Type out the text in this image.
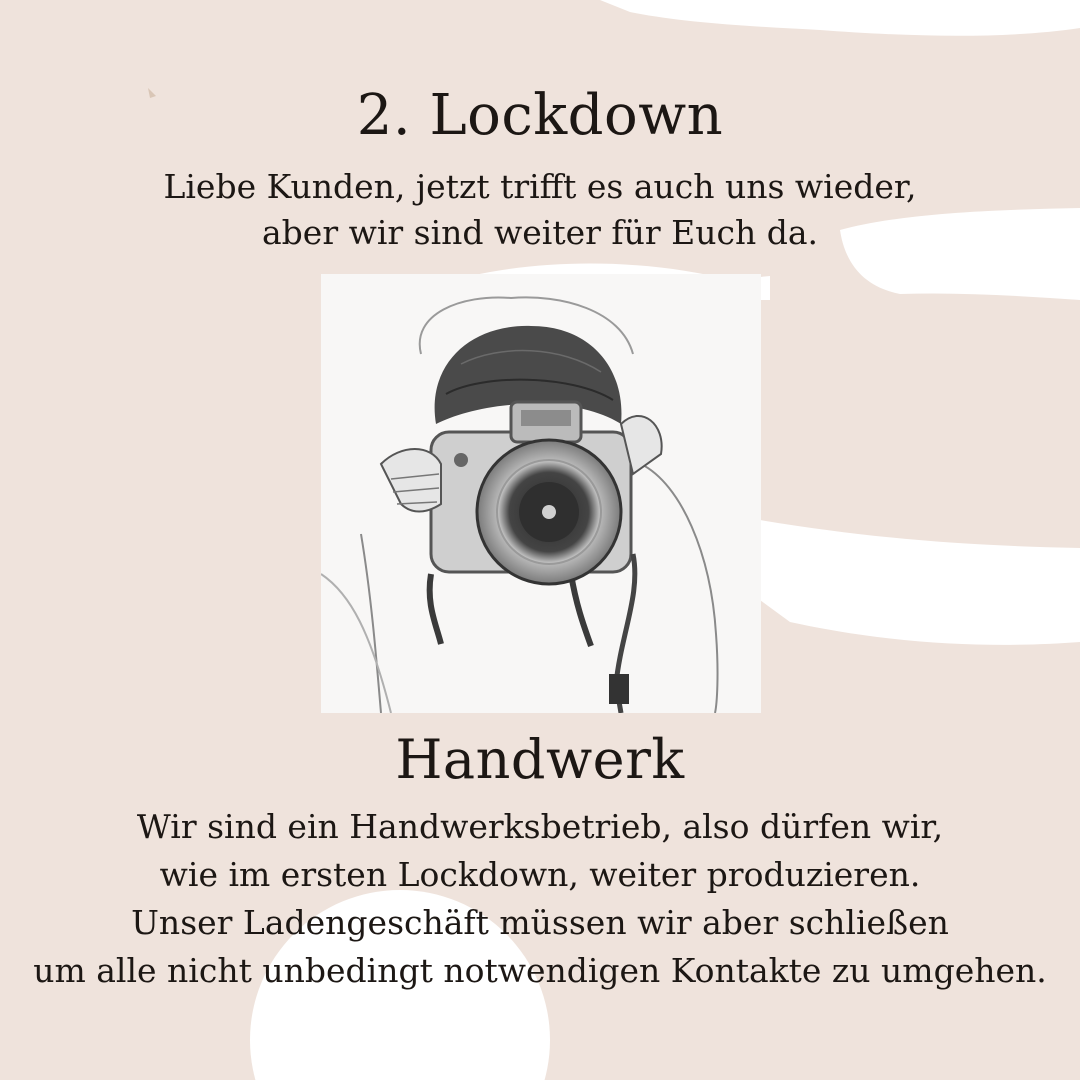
2. Lockdown

Liebe Kunden, jetzt trifft es auch uns wieder,
aber wir sind weiter für Euch da.

Handwerk

Wir sind ein Handwerksbetrieb, also dürfen wir,
wie im ersten Lockdown, weiter produzieren.
Unser Ladengeschäft müssen wir aber schließen
um alle nicht unbedingt notwendigen Kontakte zu umgehen.
